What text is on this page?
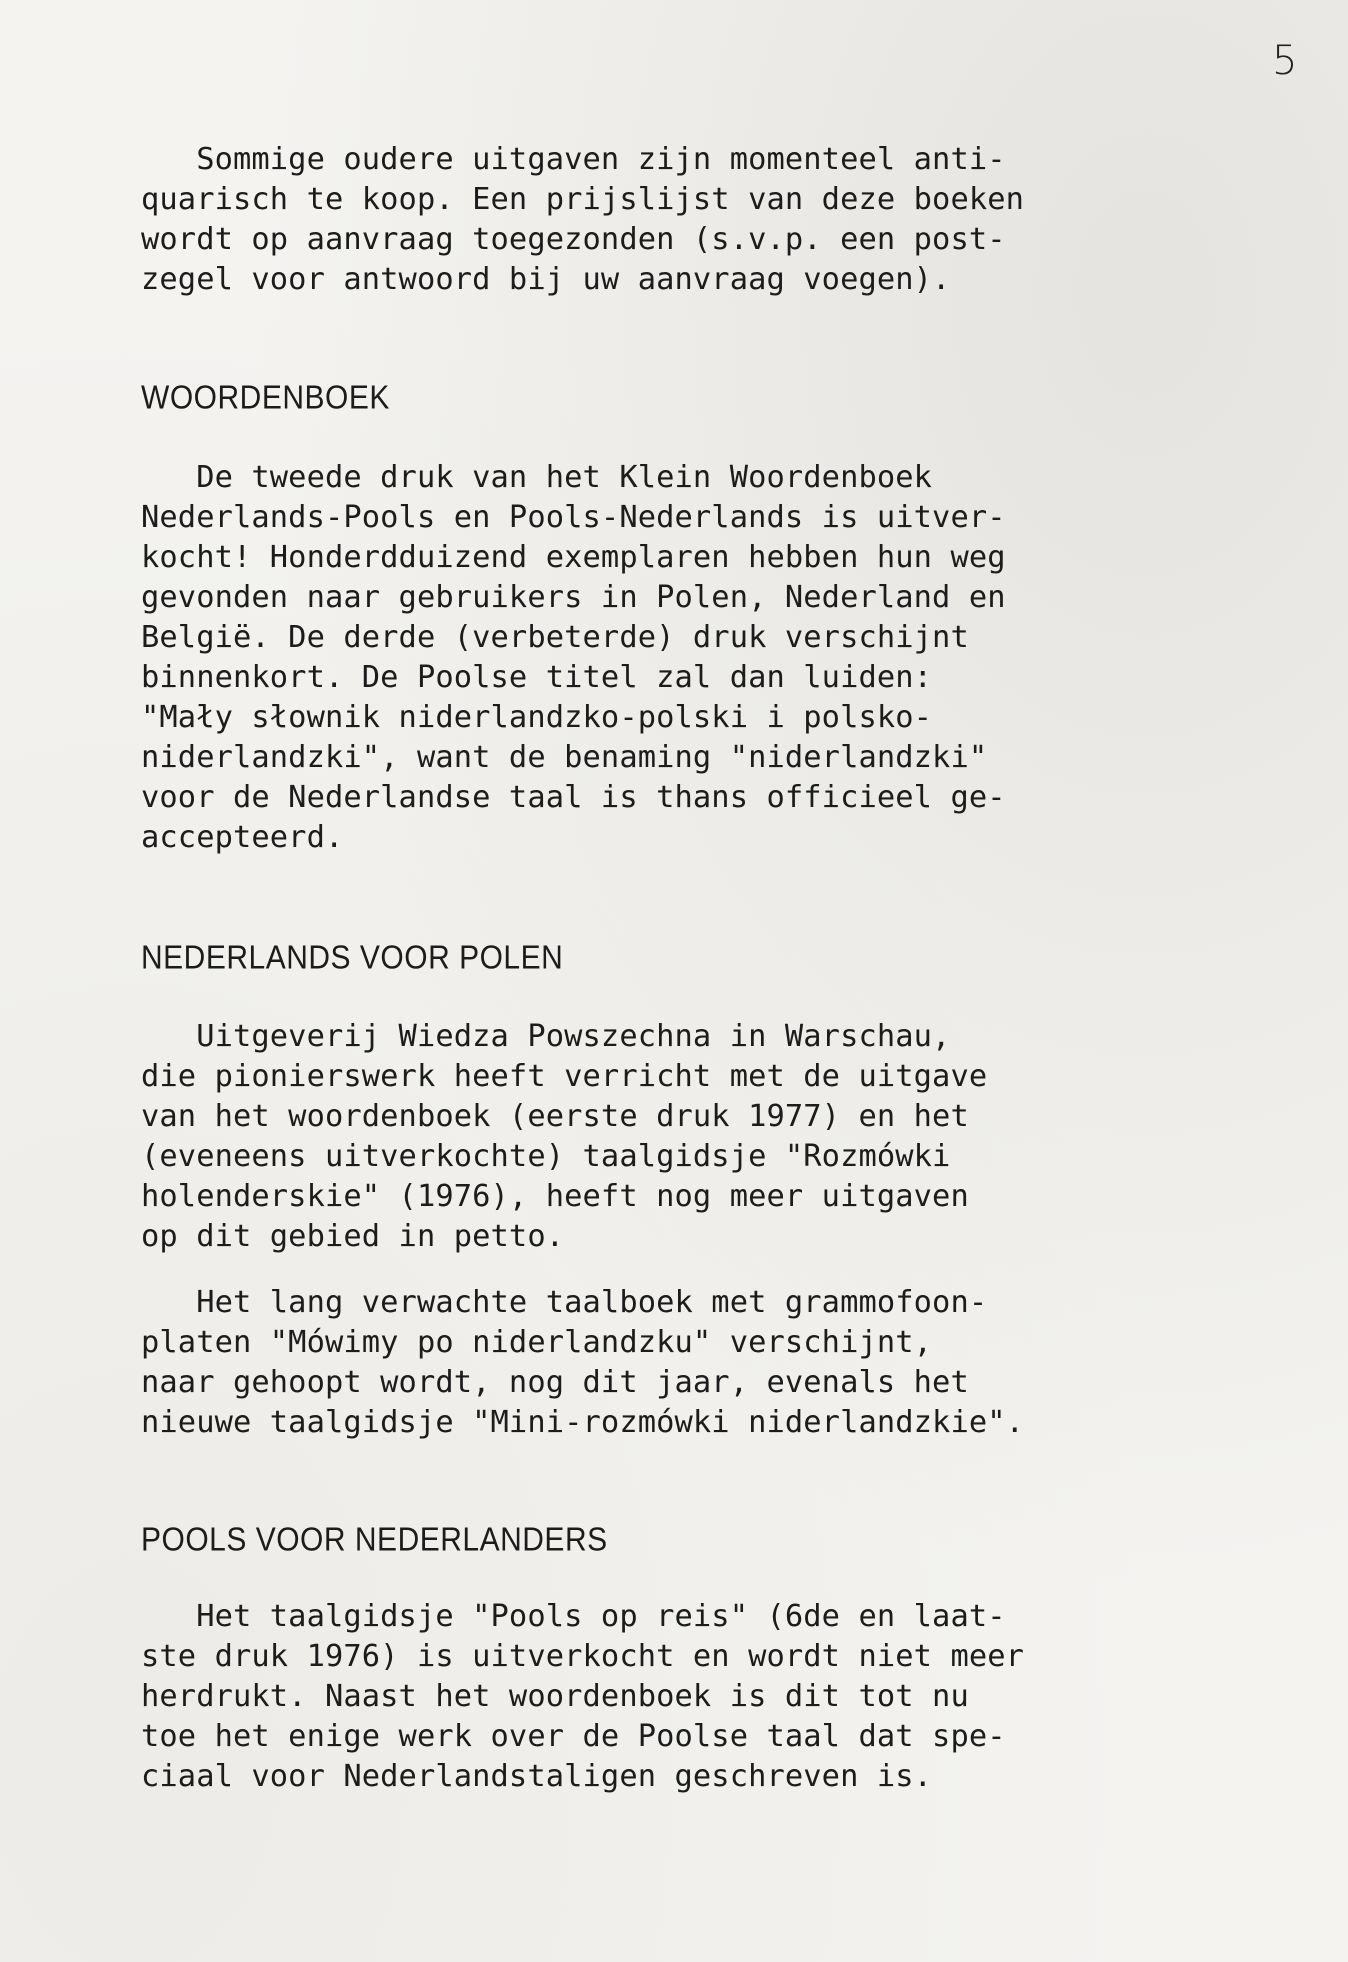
5
Sommige oudere uitgaven zijn momenteel anti-
quarisch te koop. Een prijslijst van deze boeken
wordt op aanvraag toegezonden (s.v.p. een post-
zegel voor antwoord bij uw aanvraag voegen).
WOORDENBOEK
De tweede druk van het Klein Woordenboek
Nederlands-Pools en Pools-Nederlands is uitver-
kocht! Honderdduizend exemplaren hebben hun weg
gevonden naar gebruikers in Polen, Nederland en
België. De derde (verbeterde) druk verschijnt
binnenkort. De Poolse titel zal dan luiden:
"Mały słownik niderlandzko-polski i polsko-
niderlandzki", want de benaming "niderlandzki"
voor de Nederlandse taal is thans officieel ge-
accepteerd.
NEDERLANDS VOOR POLEN
Uitgeverij Wiedza Powszechna in Warschau,
die pionierswerk heeft verricht met de uitgave
van het woordenboek (eerste druk 1977) en het
(eveneens uitverkochte) taalgidsje "Rozmówki
holenderskie" (1976), heeft nog meer uitgaven
op dit gebied in petto.
Het lang verwachte taalboek met grammofoon-
platen "Mówimy po niderlandzku" verschijnt,
naar gehoopt wordt, nog dit jaar, evenals het
nieuwe taalgidsje "Mini-rozmówki niderlandzkie".
POOLS VOOR NEDERLANDERS
Het taalgidsje "Pools op reis" (6de en laat-
ste druk 1976) is uitverkocht en wordt niet meer
herdrukt. Naast het woordenboek is dit tot nu
toe het enige werk over de Poolse taal dat spe-
ciaal voor Nederlandstaligen geschreven is.
